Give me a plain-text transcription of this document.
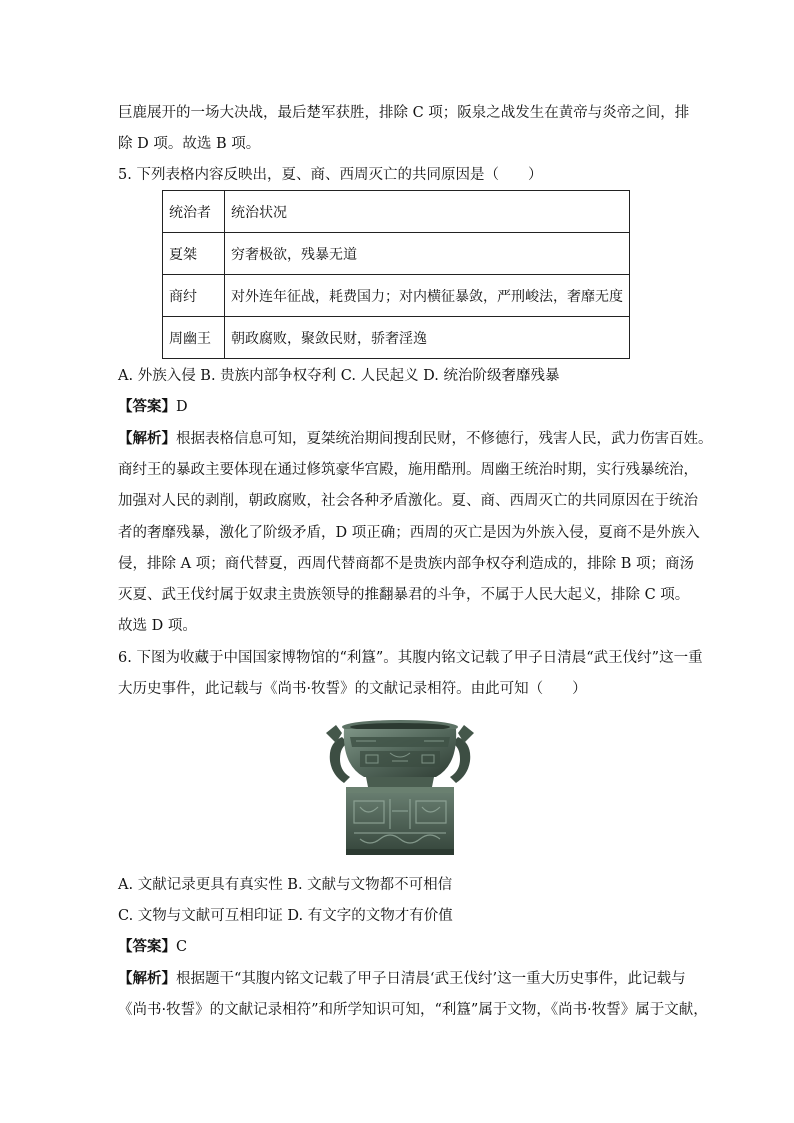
巨鹿展开的一场大决战，最后楚军获胜，排除 C 项；阪泉之战发生在黄帝与炎帝之间，排
除 D 项。故选 B 项。
5. 下列表格内容反映出，夏、商、西周灭亡的共同原因是（　　）
统治者	统治状况
夏桀	穷奢极欲，残暴无道
商纣	对外连年征战，耗费国力；对内横征暴敛，严刑峻法，奢靡无度
周幽王	朝政腐败，聚敛民财，骄奢淫逸
A. 外族入侵 B. 贵族内部争权夺利 C. 人民起义 D. 统治阶级奢靡残暴
【答案】D
【解析】根据表格信息可知，夏桀统治期间搜刮民财，不修德行，残害人民，武力伤害百姓。
商纣王的暴政主要体现在通过修筑豪华宫殿，施用酷刑。周幽王统治时期，实行残暴统治，
加强对人民的剥削，朝政腐败，社会各种矛盾激化。夏、商、西周灭亡的共同原因在于统治
者的奢靡残暴，激化了阶级矛盾，D 项正确；西周的灭亡是因为外族入侵，夏商不是外族入
侵，排除 A 项；商代替夏，西周代替商都不是贵族内部争权夺利造成的，排除 B 项；商汤
灭夏、武王伐纣属于奴隶主贵族领导的推翻暴君的斗争，不属于人民大起义，排除 C 项。
故选 D 项。
6. 下图为收藏于中国国家博物馆的“利簋”。其腹内铭文记载了甲子日清晨“武王伐纣”这一重
大历史事件，此记载与《尚书·牧誓》的文献记录相符。由此可知（　　）
A. 文献记录更具有真实性 B. 文献与文物都不可相信
C. 文物与文献可互相印证 D. 有文字的文物才有价值
【答案】C
【解析】根据题干“其腹内铭文记载了甲子日清晨‘武王伐纣’这一重大历史事件，此记载与
《尚书·牧誓》的文献记录相符”和所学知识可知，“利簋”属于文物，《尚书·牧誓》属于文献，
